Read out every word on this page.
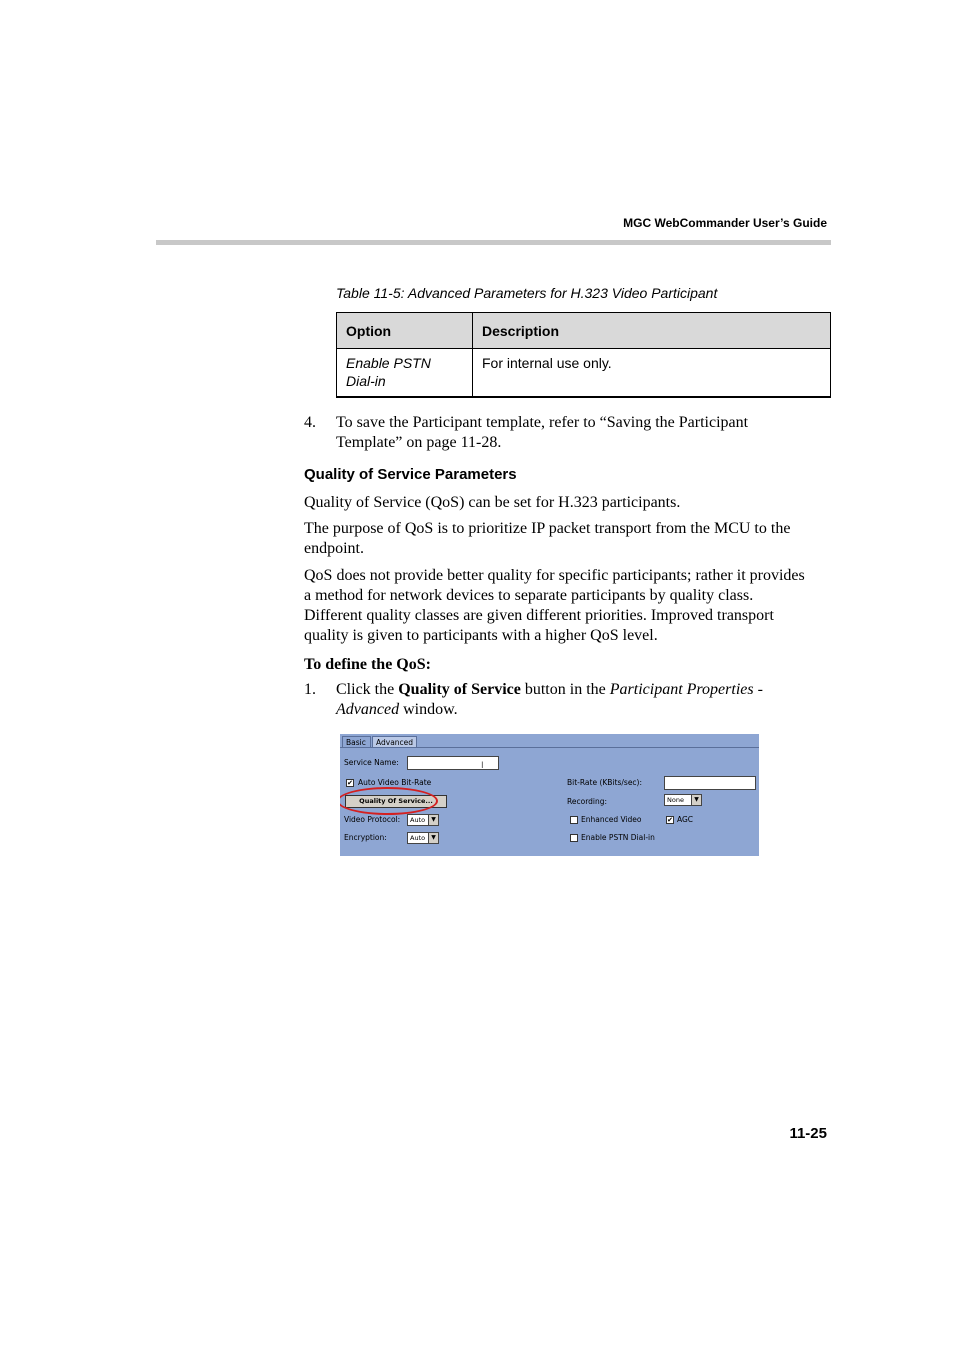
MGC WebCommander User’s Guide
Table 11-5: Advanced Parameters for H.323 Video Participant
Option	Description
Enable PSTN
Dial-in	For internal use only.
4. To save the Participant template, refer to “Saving the Participant
Template” on page 11-28.
Quality of Service Parameters
Quality of Service (QoS) can be set for H.323 participants.
The purpose of QoS is to prioritize IP packet transport from the MCU to the
endpoint.
QoS does not provide better quality for specific participants; rather it provides
a method for network devices to separate participants by quality class.
Different quality classes are given different priorities. Improved transport
quality is given to participants with a higher QoS level.
To define the QoS:
1. Click the Quality of Service button in the Participant Properties -
Advanced window.
Basic	Advanced
Service Name:	I
✔ Auto Video Bit-Rate
Quality Of Service...
Video Protocol:	Auto	▼
Encryption:	Auto	▼
Bit-Rate (KBits/sec):
Recording:	None	▼
Enhanced Video	✔ AGC
Enable PSTN Dial-in
11-25
